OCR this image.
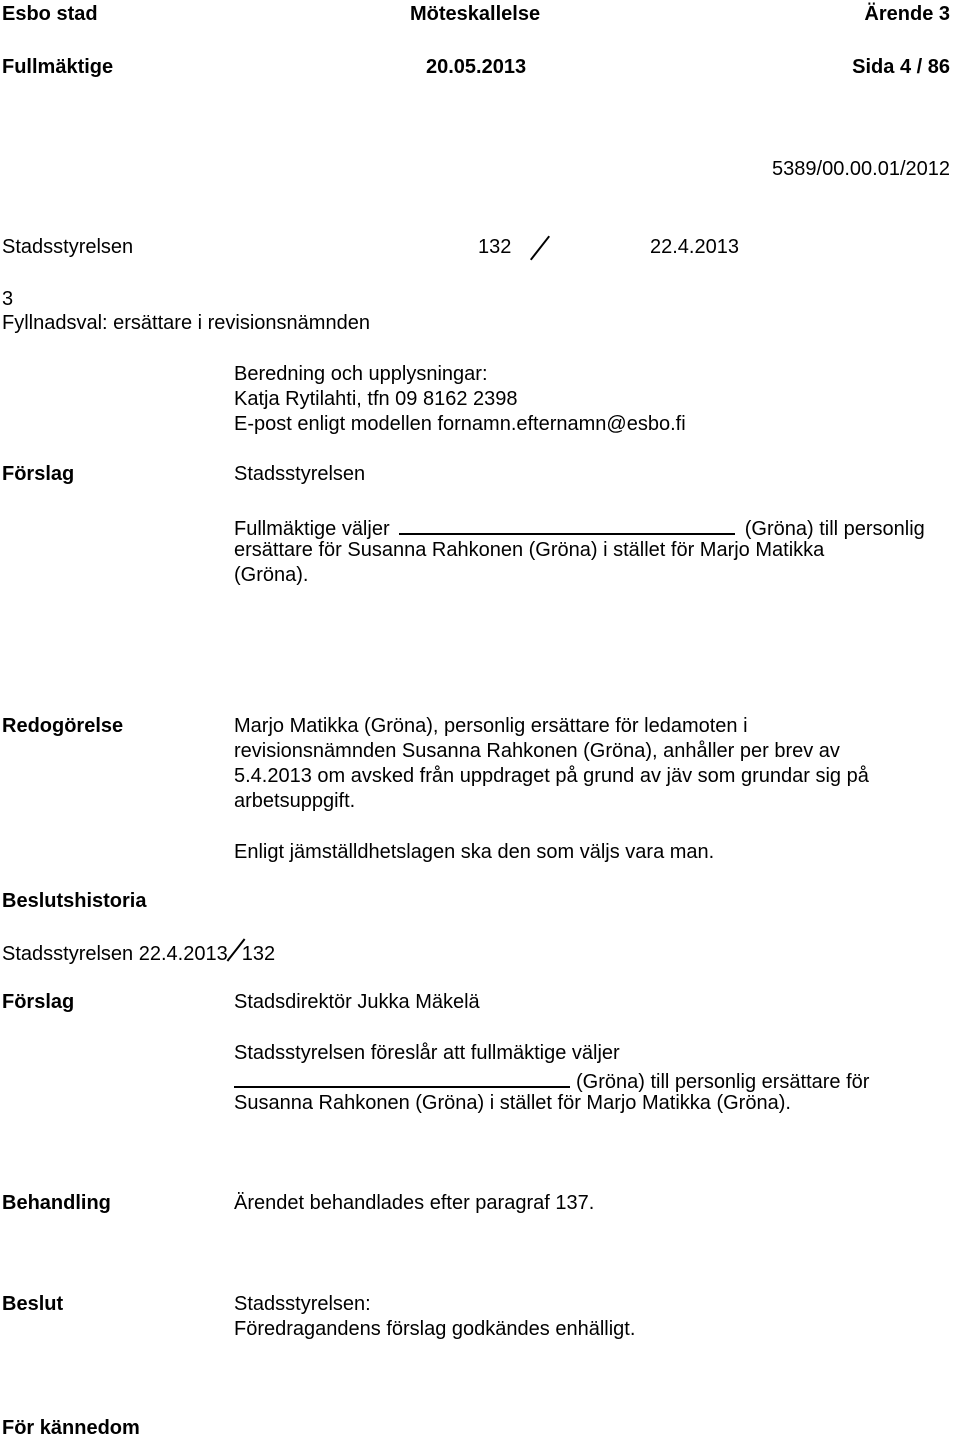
Esbo stad	Möteskallelse	Ärende 3
Fullmäktige	20.05.2013	Sida 4 / 86
5389/00.00.01/2012
Stadsstyrelsen	132	22.4.2013
3
Fyllnadsval: ersättare i revisionsnämnden
Beredning och upplysningar:
Katja Rytilahti, tfn 09 8162 2398
E-post enligt modellen fornamn.efternamn@esbo.fi
Förslag	Stadsstyrelsen
Fullmäktige väljer	(Gröna) till personlig
ersättare för Susanna Rahkonen (Gröna) i stället för Marjo Matikka
(Gröna).
Redogörelse	Marjo Matikka (Gröna), personlig ersättare för ledamoten i
revisionsnämnden Susanna Rahkonen (Gröna), anhåller per brev av
5.4.2013 om avsked från uppdraget på grund av jäv som grundar sig på
arbetsuppgift.
Enligt jämställdhetslagen ska den som väljs vara man.
Beslutshistoria
Stadsstyrelsen 22.4.2013 132
Förslag	Stadsdirektör Jukka Mäkelä
Stadsstyrelsen föreslår att fullmäktige väljer
(Gröna) till personlig ersättare för
Susanna Rahkonen (Gröna) i stället för Marjo Matikka (Gröna).
Behandling	Ärendet behandlades efter paragraf 137.
Beslut	Stadsstyrelsen:
Föredragandens förslag godkändes enhälligt.
För kännedom
